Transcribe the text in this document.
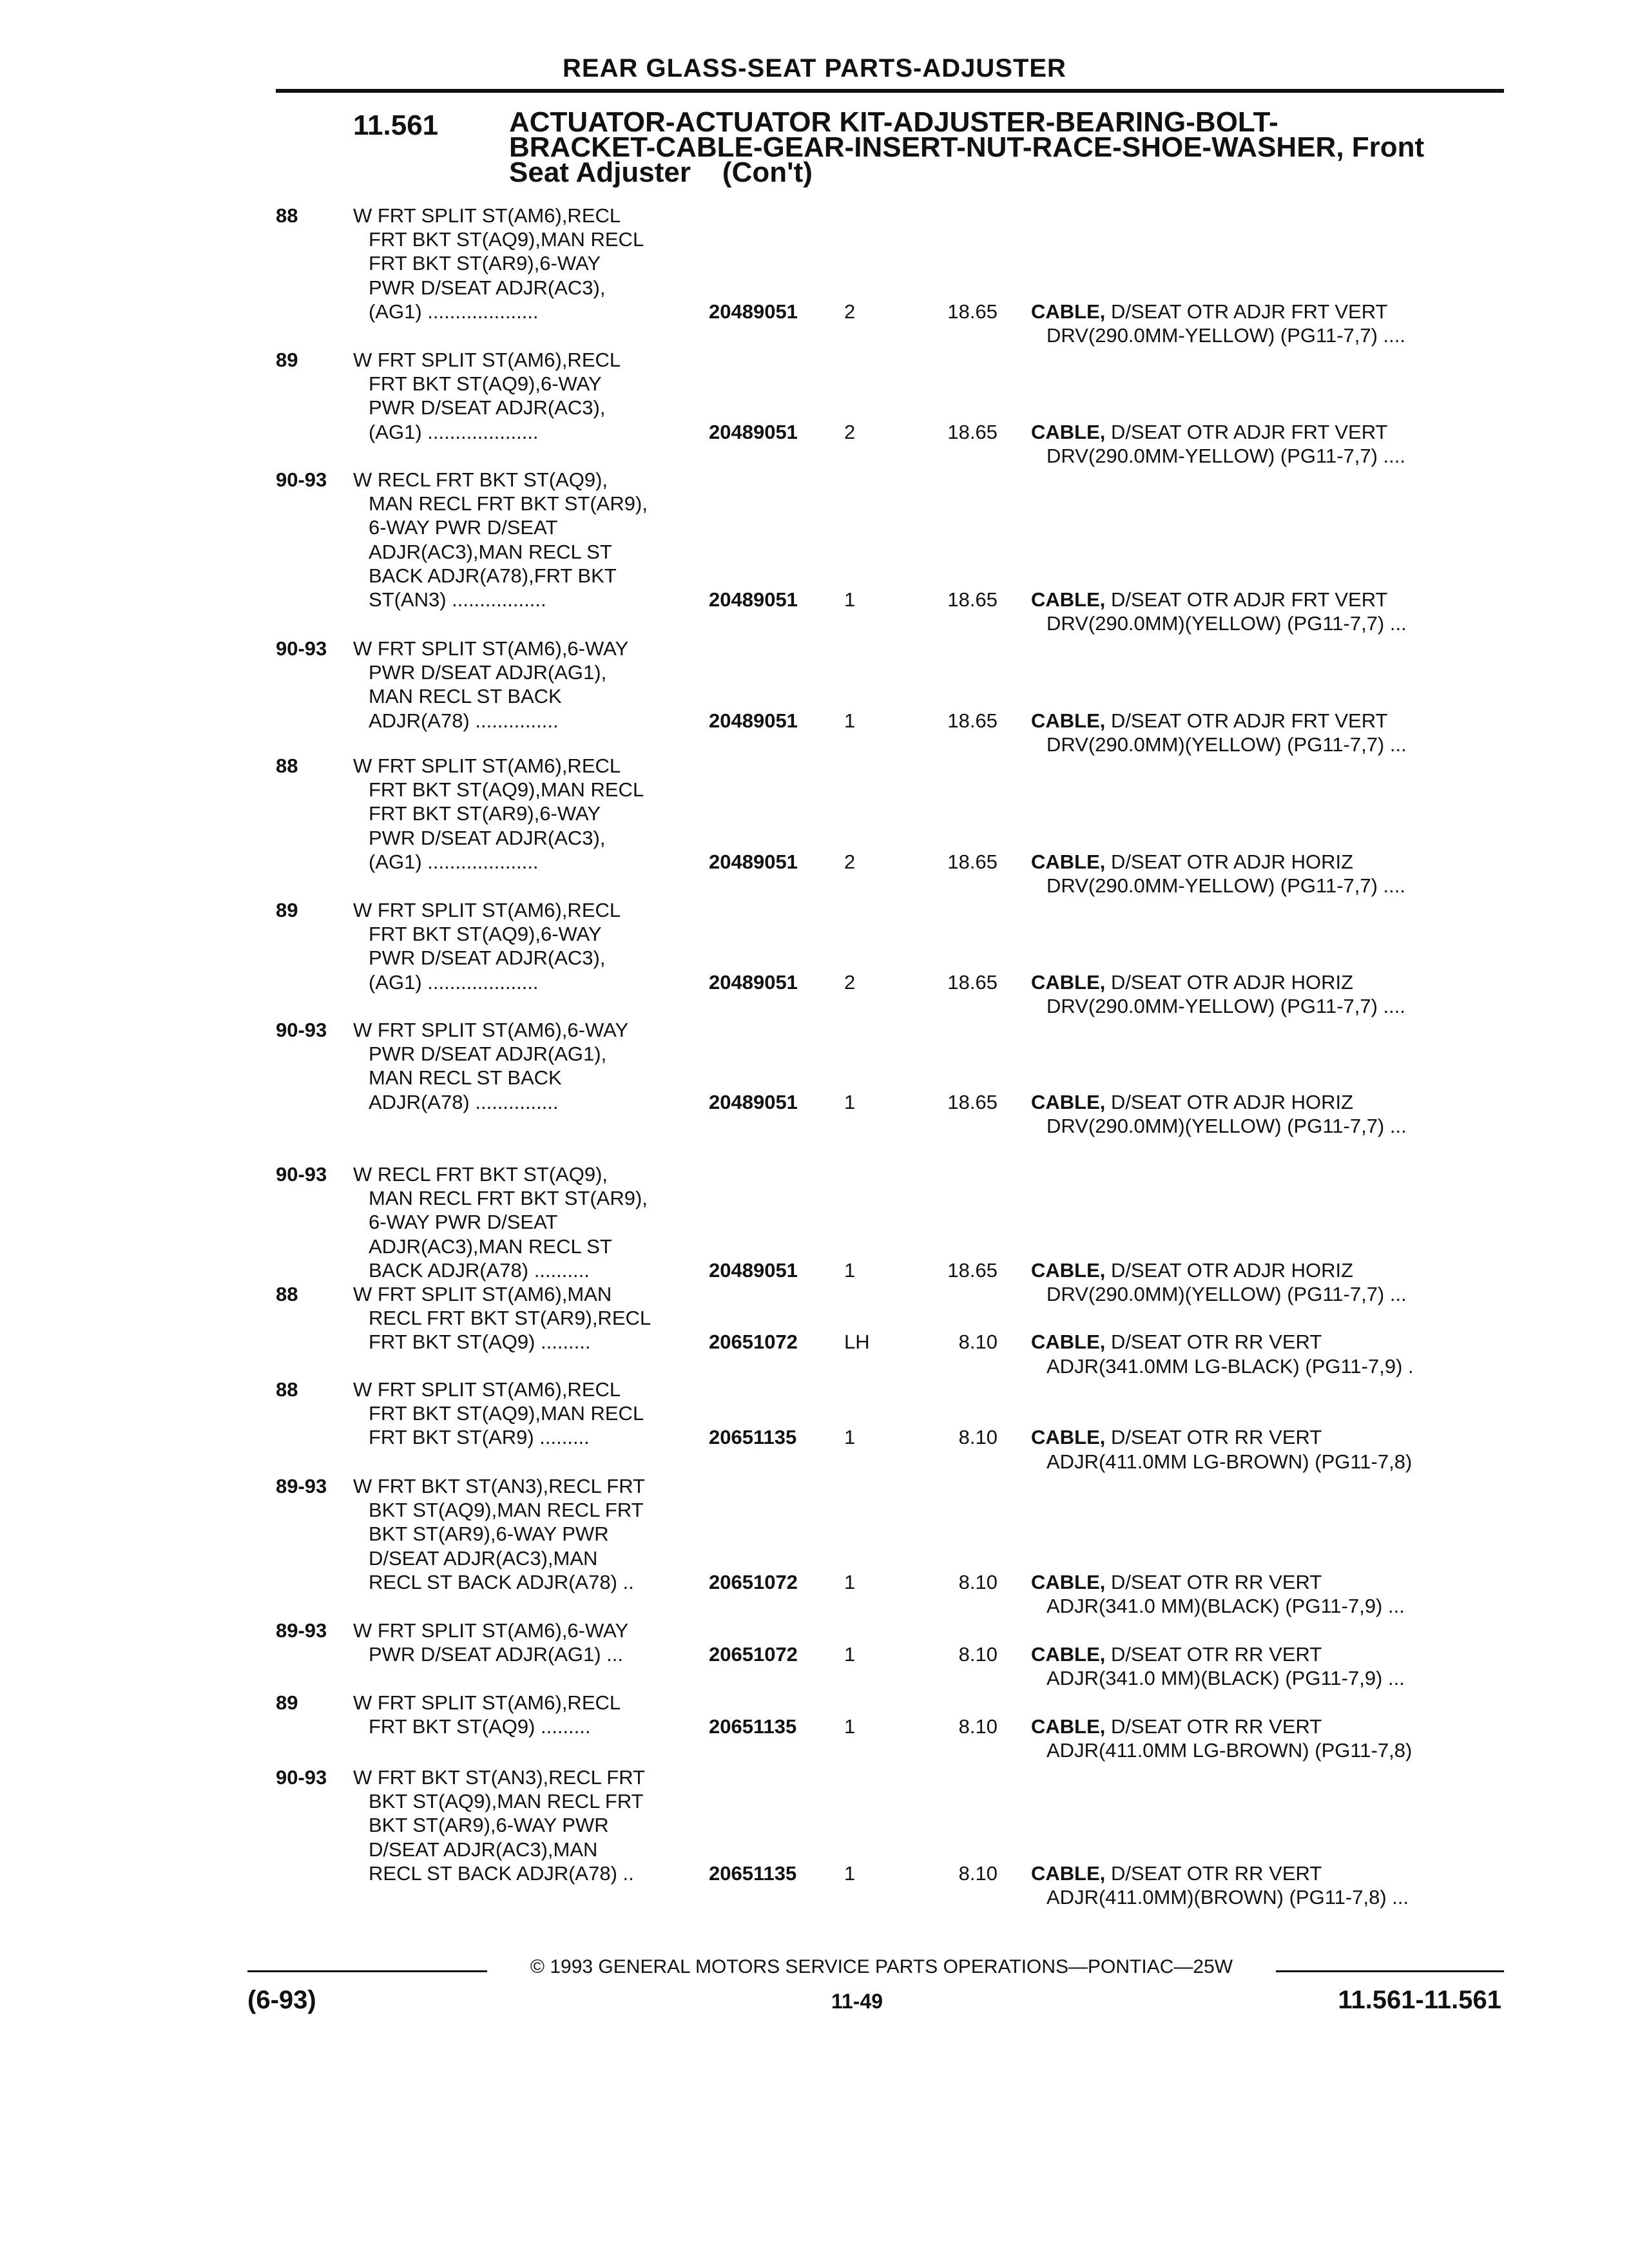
REAR GLASS-SEAT PARTS-ADJUSTER
11.561 ACTUATOR-ACTUATOR KIT-ADJUSTER-BEARING-BOLT-
BRACKET-CABLE-GEAR-INSERT-NUT-RACE-SHOE-WASHER, Front
Seat Adjuster (Con't)
88	W FRT SPLIT ST(AM6),RECL
FRT BKT ST(AQ9),MAN RECL
FRT BKT ST(AR9),6-WAY
PWR D/SEAT ADJR(AC3),
(AG1) ....................	20489051 2	18.65 CABLE, D/SEAT OTR ADJR FRT VERT
DRV(290.0MM-YELLOW) (PG11-7,7) ....
89	W FRT SPLIT ST(AM6),RECL
FRT BKT ST(AQ9),6-WAY
PWR D/SEAT ADJR(AC3),
(AG1) ....................	20489051 2	18.65 CABLE, D/SEAT OTR ADJR FRT VERT
DRV(290.0MM-YELLOW) (PG11-7,7) ....
90-93 W RECL FRT BKT ST(AQ9),
MAN RECL FRT BKT ST(AR9),
6-WAY PWR D/SEAT
ADJR(AC3),MAN RECL ST
BACK ADJR(A78),FRT BKT
ST(AN3) .................	20489051 1	18.65 CABLE, D/SEAT OTR ADJR FRT VERT
DRV(290.0MM)(YELLOW) (PG11-7,7) ...
90-93 W FRT SPLIT ST(AM6),6-WAY
PWR D/SEAT ADJR(AG1),
MAN RECL ST BACK
ADJR(A78) ...............	20489051 1	18.65 CABLE, D/SEAT OTR ADJR FRT VERT
DRV(290.0MM)(YELLOW) (PG11-7,7) ...
88	W FRT SPLIT ST(AM6),RECL
FRT BKT ST(AQ9),MAN RECL
FRT BKT ST(AR9),6-WAY
PWR D/SEAT ADJR(AC3),
(AG1) ....................	20489051 2	18.65 CABLE, D/SEAT OTR ADJR HORIZ
DRV(290.0MM-YELLOW) (PG11-7,7) ....
89	W FRT SPLIT ST(AM6),RECL
FRT BKT ST(AQ9),6-WAY
PWR D/SEAT ADJR(AC3),
(AG1) ....................	20489051 2	18.65 CABLE, D/SEAT OTR ADJR HORIZ
DRV(290.0MM-YELLOW) (PG11-7,7) ....
90-93 W FRT SPLIT ST(AM6),6-WAY
PWR D/SEAT ADJR(AG1),
MAN RECL ST BACK
ADJR(A78) ...............	20489051 1	18.65 CABLE, D/SEAT OTR ADJR HORIZ
DRV(290.0MM)(YELLOW) (PG11-7,7) ...
90-93 W RECL FRT BKT ST(AQ9),
MAN RECL FRT BKT ST(AR9),
6-WAY PWR D/SEAT
ADJR(AC3),MAN RECL ST
BACK ADJR(A78) ..........	20489051 1	18.65 CABLE, D/SEAT OTR ADJR HORIZ
DRV(290.0MM)(YELLOW) (PG11-7,7) ...
88	W FRT SPLIT ST(AM6),MAN
RECL FRT BKT ST(AR9),RECL
FRT BKT ST(AQ9) .........	20651072 LH	8.10 CABLE, D/SEAT OTR RR VERT
ADJR(341.0MM LG-BLACK) (PG11-7,9) .
88	W FRT SPLIT ST(AM6),RECL
FRT BKT ST(AQ9),MAN RECL
FRT BKT ST(AR9) .........	20651135 1	8.10 CABLE, D/SEAT OTR RR VERT
ADJR(411.0MM LG-BROWN) (PG11-7,8)
89-93 W FRT BKT ST(AN3),RECL FRT
BKT ST(AQ9),MAN RECL FRT
BKT ST(AR9),6-WAY PWR
D/SEAT ADJR(AC3),MAN
RECL ST BACK ADJR(A78) ..	20651072 1	8.10 CABLE, D/SEAT OTR RR VERT
ADJR(341.0 MM)(BLACK) (PG11-7,9) ...
89-93 W FRT SPLIT ST(AM6),6-WAY
PWR D/SEAT ADJR(AG1) ...	20651072 1	8.10 CABLE, D/SEAT OTR RR VERT
ADJR(341.0 MM)(BLACK) (PG11-7,9) ...
89	W FRT SPLIT ST(AM6),RECL
FRT BKT ST(AQ9) .........	20651135 1	8.10 CABLE, D/SEAT OTR RR VERT
ADJR(411.0MM LG-BROWN) (PG11-7,8)
90-93 W FRT BKT ST(AN3),RECL FRT
BKT ST(AQ9),MAN RECL FRT
BKT ST(AR9),6-WAY PWR
D/SEAT ADJR(AC3),MAN
RECL ST BACK ADJR(A78) ..	20651135 1	8.10 CABLE, D/SEAT OTR RR VERT
ADJR(411.0MM)(BROWN) (PG11-7,8) ...
© 1993 GENERAL MOTORS SERVICE PARTS OPERATIONS—PONTIAC—25W
(6-93)	11-49	11.561-11.561
